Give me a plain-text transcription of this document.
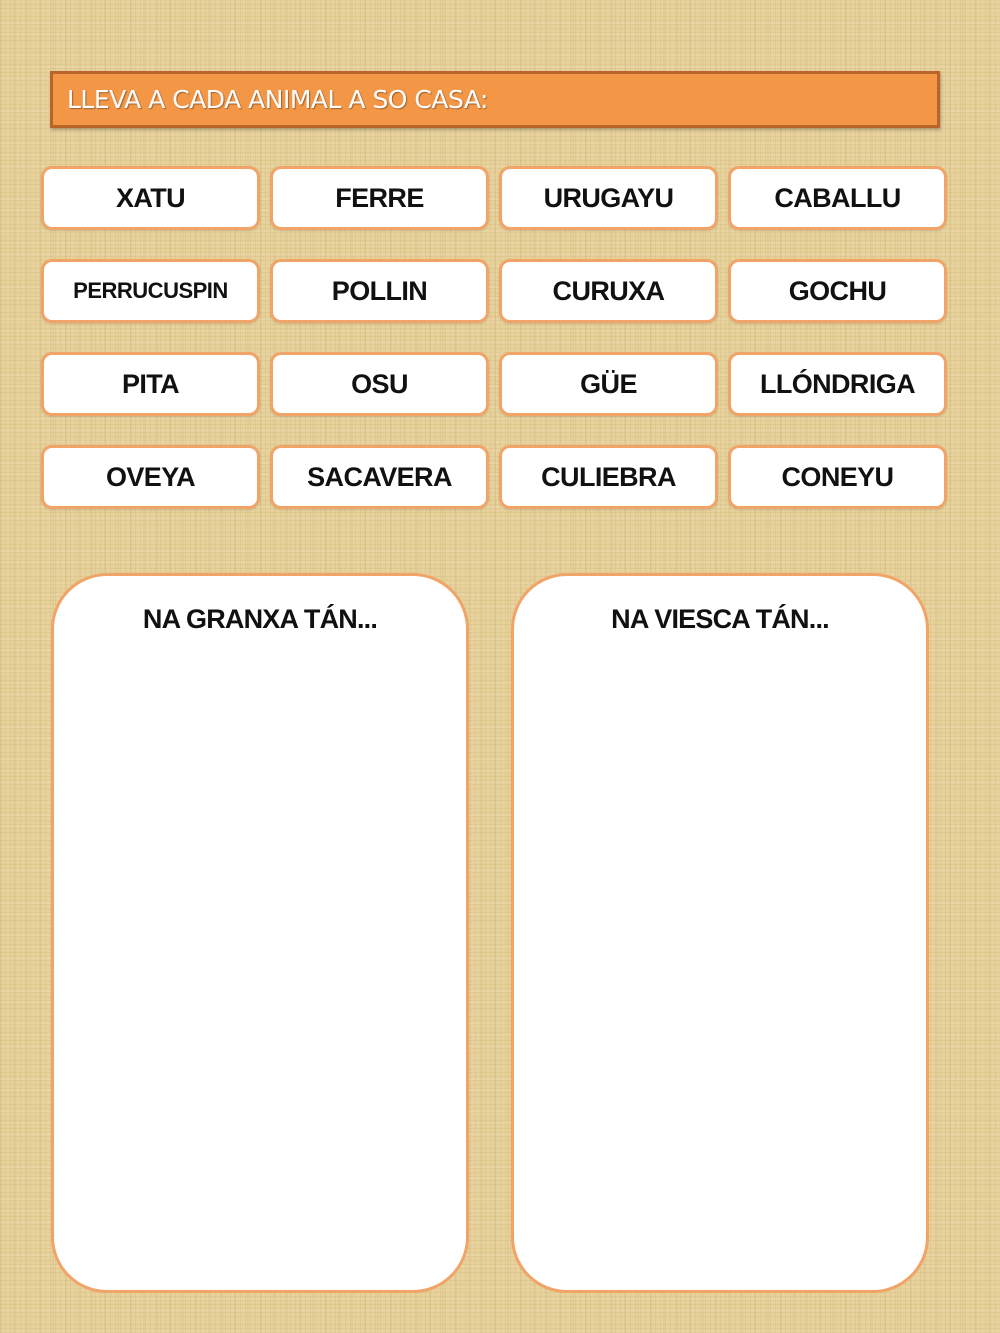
LLEVA A CADA ANIMAL A SO CASA:
XATU	FERRE	URUGAYU	CABALLU
PERRUCUSPIN	POLLIN	CURUXA	GOCHU
PITA	OSU	GÜE	LLÓNDRIGA
OVEYA	SACAVERA	CULIEBRA	CONEYU
NA GRANXA TÁN...	NA VIESCA TÁN...
